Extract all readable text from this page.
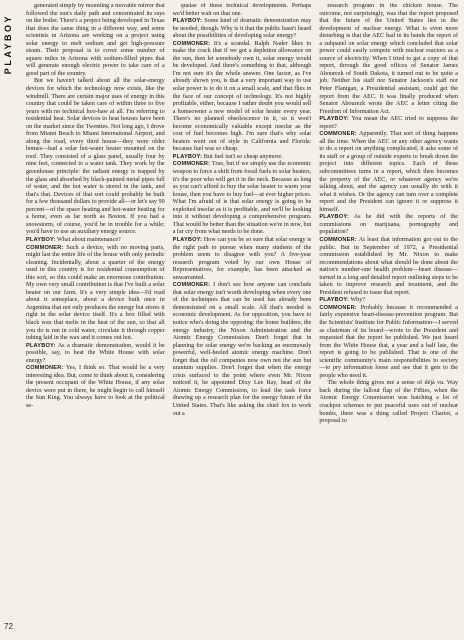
PLAYBOY
72

generated simply by mounting a movable mirror that followed the sun's daily path and concentrated its rays on the boiler. There's a project being developed in Texas that does the same thing in a different way, and some scientists in Arizona are working on a project using solar energy to melt sodium and get high-pressure steam. Their proposal is to cover some number of square miles in Arizona with sodium-filled pipes that will generate enough electric power to take care of a good part of the country.

But we haven't talked about all the solar-energy devices for which the technology now exists, like the windmill. There are certain major uses of energy in this country that could be taken care of within three to five years with no technical hoo-haw at all. I'm referring to residential heat. Solar devices to heat houses have been on the market since the Twenties. Not long ago, I drove from Miami Beach to Miami International Airport, and along the road, every third house—they were older homes—had a solar hot-water heater mounted on the roof. They consisted of a glass panel, usually four by nine feet, connected to a water tank. They work by the greenhouse principle: the radiant energy is trapped by the glass and absorbed by black-painted metal pipes full of water, and the hot water is stored in the tank, and that's that. Devices of that sort could probably be built for a few thousand dollars to provide all—or let's say 90 percent—of the space heating and hot-water heating for a home, even as far north as Boston. If you had a snowstorm, of course, you'd be in trouble for a while; you'd have to use an auxiliary energy source.

PLAYBOY: What about maintenance?

COMMONER: Such a device, with no moving parts, might last the entire life of the house with only periodic cleaning. Incidentally, about a quarter of the energy used in this country is for residential consumption of this sort, so this could make an enormous contribution. My own very small contribution is that I've built a solar heater on our farm. It's a very simple idea—I'd read about it someplace, about a device built once in Argentina that not only produces the energy but stores it right in the solar device itself. It's a box filled with black wax that melts in the heat of the sun, so that all you do is run in cold water, circulate it through copper tubing laid in the wax and it comes out hot.

PLAYBOY: As a dramatic demonstration, would it be possible, say, to heat the White House with solar energy?

COMMONER: Yes, I think so. That would be a very interesting idea. But, come to think about it, considering the present occupant of the White House, if any solar device were put in there, he might begin to call himself the Sun King. You always have to look at the political se-

quelae of these technical developments. Perhaps we'd better wait on that one.

PLAYBOY: Some kind of dramatic demonstration may be needed, though. Why is it that the public hasn't heard about the possibilities of developing solar energy?

COMMONER: It's a scandal. Ralph Nader likes to make the crack that if we got a depletion allowance on the sun, then let somebody own it, solar energy would be developed. And there's something to that, although I'm not sure it's the whole answer. One factor, as I've already shown you, is that a very important way to use solar power is to do it on a small scale, and that flies in the face of our concept of technology. It's not highly profitable, either, because I rather doubt you would sell a homeowner a new model of solar heater every year. There's no planned obsolescence in it, so it won't become economically valuable except insofar as the cost of fuel becomes high. I'm sure that's why solar heaters went out of style in California and Florida: because fuel was so cheap.

PLAYBOY: But fuel isn't so cheap anymore.

COMMONER: True, but if we simply use the economic weapon to force a shift from fossil fuels to solar heaters, it's the poor who will get it in the neck. Because as long as you can't afford to buy the solar heater to warm your house, then you have to buy fuel—at ever higher prices. What I'm afraid of is that solar energy is going to be exploited insofar as it is profitable, and we'll be looking into it without developing a comprehensive program. That would be better than the situation we're in now, but a far cry from what needs to be done.

PLAYBOY: How can you be so sure that solar energy is the right path to pursue when many students of the problem seem to disagree with you? A five-year research program voted by our own House of Representatives, for example, has been attacked as unwarranted.

COMMONER: I don't see how anyone can conclude that solar energy isn't worth developing when every one of the techniques that can be used has already been demonstrated on a small scale. All that's needed is economic development. As for opposition, you have to notice who's doing the opposing: the home builders, the energy industry, the Nixon Administration and the Atomic Energy Commission. Don't forget that in planning for solar energy we're backing an enormously powerful, well-heeled atomic energy machine. Don't forget that the oil companies now own not the sun but uranium supplies. Don't forget that when the energy crisis surfaced to the point where even Mr. Nixon noticed it, he appointed Dixy Lee Ray, head of the Atomic Energy Commission, to lead the task force drawing up a research plan for the energy future of the United States. That's like asking the chief fox to work out a

research program in the chicken house. The outcome, not surprisingly, was that the report proposed that the future of the United States lies in the development of nuclear energy. What is even more disturbing is that the AEC had in its hands the report of a subpanel on solar energy which concluded that solar power could easily compete with nuclear reactors as a source of electricity. When I tried to get a copy of that report, through the good offices of Senator James Abourezk of South Dakota, it turned out to be quite a job. Neither his staff nor Senator Jackson's staff nor Peter Flanigan, a Presidential assistant, could get the report from the AEC. It was finally produced when Senator Abourezk wrote the AEC a letter citing the Freedom of Information Act.

PLAYBOY: You mean the AEC tried to suppress the report?

COMMONER: Apparently. That sort of thing happens all the time. When the AEC or any other agency wants to do a report on anything complicated, it asks some of its staff or a group of outside experts to break down the project into different topics. Each of these subcommittees turns in a report, which then becomes the property of the AEC, or whatever agency we're talking about, and the agency can usually do with it what it wishes. Or the agency can turn over a complete report and the President can ignore it or suppress it himself.

PLAYBOY: As he did with the reports of the commissions on marijuana, pornography and population?

COMMONER: At least that information got out to the public. But in September of 1972, a Presidential commission established by Mr. Nixon to make recommendations about what should be done about the nation's number-one health problem—heart disease—turned in a long and detailed report outlining steps to be taken to improve research and treatment, and the President refused to issue that report.

PLAYBOY: Why?

COMMONER: Probably because it recommended a fairly expensive heart-disease-prevention program. But the Scientists' Institute for Public Information—I served as chairman of its board—wrote to the President and requested that the report be published. We just heard from the White House that, a year and a half late, the report is going to be published. That is one of the scientific community's main responsibilities to society—to pry information loose and see that it gets to the people who need it.

The whole thing gives me a sense of déjà vu. Way back during the fallout flap of the Fifties, when the Atomic Energy Commission was hatching a lot of crackpot schemes to put peaceful uses out of nuclear bombs, there was a thing called Project Chariot, a proposal to
